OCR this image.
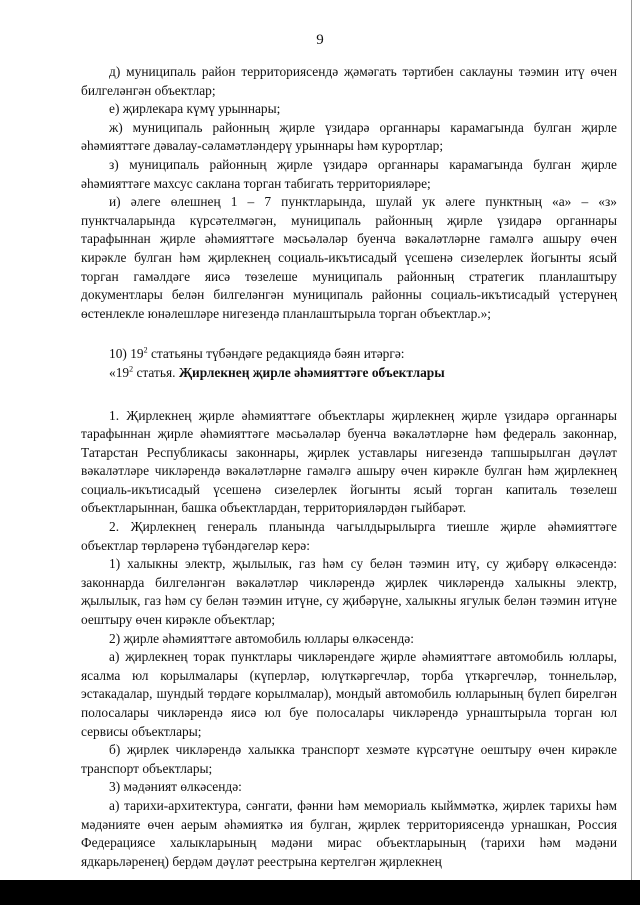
9

д) муниципаль район территориясендә җәмәгать тәртибен саклауны тәэмин итү өчен билгеләнгән объектлар;

е) җирлекара күмү урыннары;

ж) муниципаль районның җирле үзидарә органнары карамагында булган җирле әһәмияттәге дәвалау-сәламәтләндерү урыннары һәм курортлар;

з) муниципаль районның җирле үзидарә органнары карамагында булган җирле әһәмияттәге махсус саклана торган табигать территорияләре;

и) әлеге өлешнең 1 – 7 пунктларында, шулай ук әлеге пунктның «а» – «з» пунктчаларында күрсәтелмәгән, муниципаль районның җирле үзидарә органнары тарафыннан җирле әһәмияттәге мәсьәләләр буенча вәкаләтләрне гамәлгә ашыру өчен кирәкле булган һәм җирлекнең социаль-икътисадый үсешенә сизелерлек йогынты ясый торган гамәлдәге яисә төзелеше муниципаль районның стратегик планлаштыру документлары белән билгеләнгән муниципаль районны социаль-икътисадый үстерүнең өстенлекле юнәлешләре нигезендә планлаштырыла торган объектлар.»;

10) $19^2$ статьяны түбәндәге редакциядә бәян итәргә:

«$19^2$ статья. Җирлекнең җирле әһәмияттәге объектлары

1. Җирлекнең җирле әһәмияттәге объектлары җирлекнең җирле үзидарә органнары тарафыннан җирле әһәмияттәге мәсьәләләр буенча вәкаләтләрне һәм федераль законнар, Татарстан Республикасы законнары, җирлек уставлары нигезендә тапшырылган дәүләт вәкаләтләре чикләрендә вәкаләтләрне гамәлгә ашыру өчен кирәкле булган һәм җирлекнең социаль-икътисадый үсешенә сизелерлек йогынты ясый торган капиталь төзелеш объектларыннан, башка объектлардан, территорияләрдән гыйбарәт.

2. Җирлекнең генераль планында чагылдырылырга тиешле җирле әһәмияттәге объектлар төрләренә түбәндәгеләр керә:

1) халыкны электр, җылылык, газ һәм су белән тәэмин итү, су җибәрү өлкәсендә: законнарда билгеләнгән вәкаләтләр чикләрендә җирлек чикләрендә халыкны электр, җылылык, газ һәм су белән тәэмин итүне, су җибәрүне, халыкны ягулык белән тәэмин итүне оештыру өчен кирәкле объектлар;

2) җирле әһәмияттәге автомобиль юллары өлкәсендә:

а) җирлекнең торак пунктлары чикләрендәге җирле әһәмияттәге автомобиль юллары, ясалма юл корылмалары (күперләр, юлүткәргечләр, торба үткәргечләр, тоннельләр, эстакадалар, шундый төрдәге корылмалар), мондый автомобиль юлларының бүлеп бирелгән полосалары чикләрендә яисә юл буе полосалары чикләрендә урнаштырыла торган юл сервисы объектлары;

б) җирлек чикләрендә халыкка транспорт хезмәте күрсәтүне оештыру өчен кирәкле транспорт объектлары;

3) мәдәният өлкәсендә:

а) тарихи-архитектура, сәнгати, фәнни һәм мемориаль кыйммәткә, җирлек тарихы һәм мәдәнияте өчен аерым әһәмияткә ия булган, җирлек территориясендә урнашкан, Россия Федерациясе халыкларының мәдәни мирас объектларының (тарихи һәм мәдәни ядкарьләренең) бердәм дәүләт реестрына кертелгән җирлекнең
